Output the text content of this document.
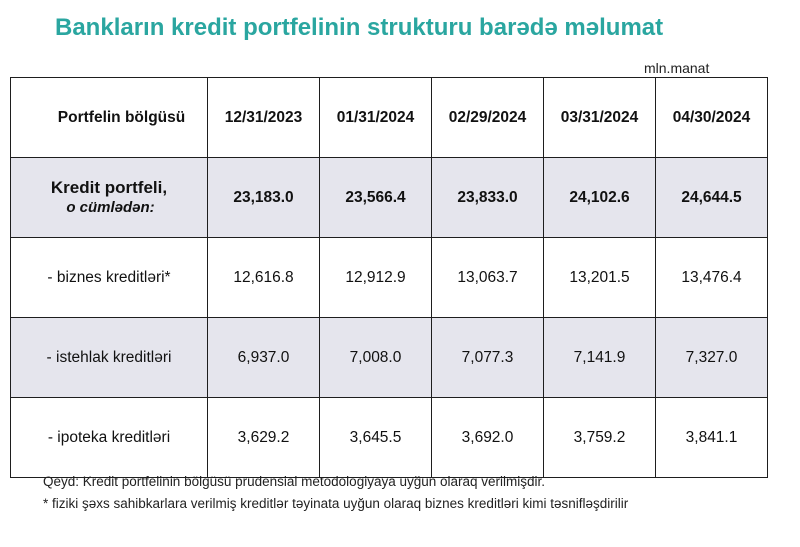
Bankların kredit portfelinin strukturu barədə məlumat
mln.manat
Portfelin bölgüsü	12/31/2023	01/31/2024	02/29/2024	03/31/2024	04/30/2024

Kredit portfeli,
o cümlədən:	23,183.0	23,566.4	23,833.0	24,102.6	24,644.5
- biznes kreditləri*	12,616.8	12,912.9	13,063.7	13,201.5	13,476.4
- istehlak kreditləri	6,937.0	7,008.0	7,077.3	7,141.9	7,327.0
- ipoteka kreditləri	3,629.2	3,645.5	3,692.0	3,759.2	3,841.1
Qeyd: Kredit portfelinin bölgüsü prudensial metodologiyaya uyğun olaraq verilmişdir.
* fiziki şəxs sahibkarlara verilmiş kreditlər təyinata uyğun olaraq biznes kreditləri kimi təsnifləşdirilir
